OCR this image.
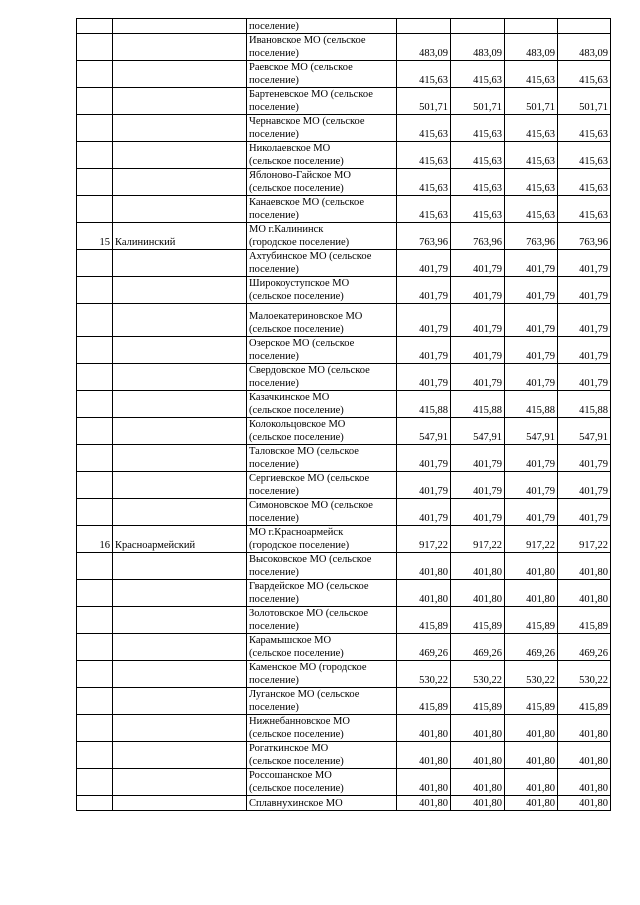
		поселение)				

		Ивановское МО (сельское
поселение)	483,09	483,09	483,09	483,09

		Раевское МО (сельское
поселение)	415,63	415,63	415,63	415,63

		Бартеневское МО (сельское
поселение)	501,71	501,71	501,71	501,71

		Чернавское МО (сельское
поселение)	415,63	415,63	415,63	415,63

		Николаевское МО
(сельское поселение)	415,63	415,63	415,63	415,63

		Яблоново-Гайское МО
(сельское поселение)	415,63	415,63	415,63	415,63

		Канаевское МО (сельское
поселение)	415,63	415,63	415,63	415,63
15	Калининский	МО г.Калининск
(городское поселение)	763,96	763,96	763,96	763,96

		Ахтубинское МО (сельское
поселение)	401,79	401,79	401,79	401,79

		Широкоуступское МО
(сельское поселение)	401,79	401,79	401,79	401,79

		Малоекатериновское МО
(сельское поселение)	401,79	401,79	401,79	401,79

		Озерское МО (сельское
поселение)	401,79	401,79	401,79	401,79

		Свердовское МО (сельское
поселение)	401,79	401,79	401,79	401,79

		Казачкинское МО
(сельское поселение)	415,88	415,88	415,88	415,88

		Колокольцовское МО
(сельское поселение)	547,91	547,91	547,91	547,91

		Таловское МО (сельское
поселение)	401,79	401,79	401,79	401,79

		Сергиевское МО (сельское
поселение)	401,79	401,79	401,79	401,79

		Симоновское МО (сельское
поселение)	401,79	401,79	401,79	401,79
16	Красноармейский	МО г.Красноармейск
(городское поселение)	917,22	917,22	917,22	917,22

		Высоковское МО (сельское
поселение)	401,80	401,80	401,80	401,80

		Гвардейское МО (сельское
поселение)	401,80	401,80	401,80	401,80

		Золотовское МО (сельское
поселение)	415,89	415,89	415,89	415,89

		Карамышское МО
(сельское поселение)	469,26	469,26	469,26	469,26

		Каменское МО (городское
поселение)	530,22	530,22	530,22	530,22

		Луганское МО (сельское
поселение)	415,89	415,89	415,89	415,89

		Нижнебанновское МО
(сельское поселение)	401,80	401,80	401,80	401,80

		Рогаткинское МО
(сельское поселение)	401,80	401,80	401,80	401,80

		Россошанское МО
(сельское поселение)	401,80	401,80	401,80	401,80

		Сплавнухинское МО	401,80	401,80	401,80	401,80
